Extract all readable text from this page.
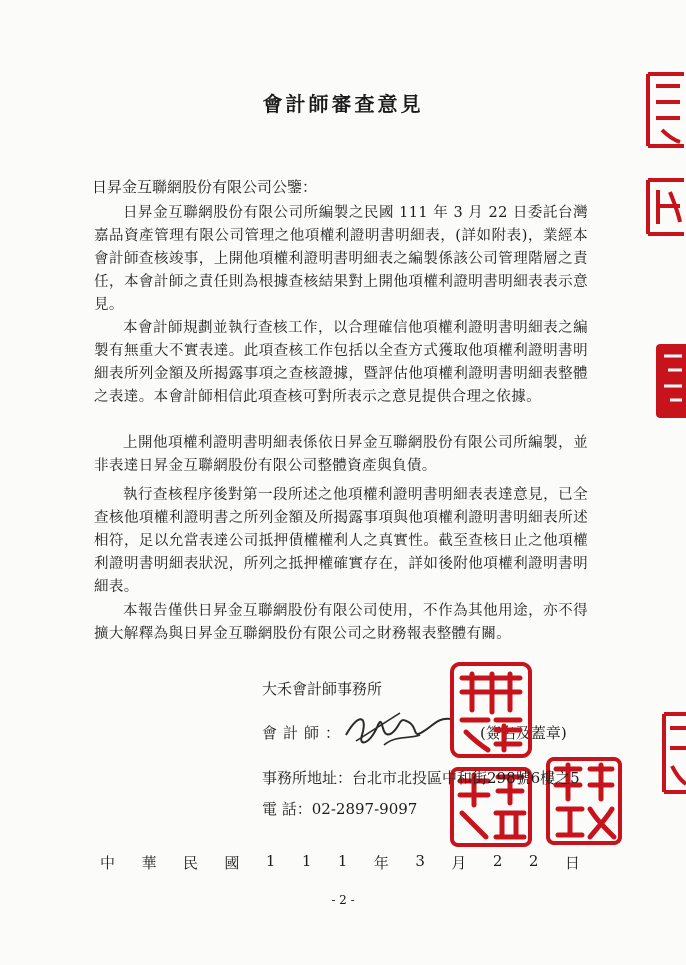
會計師審查意見
日昇金互聯網股份有限公司公鑒：
日昇金互聯網股份有限公司所編製之民國 111 年 3 月 22 日委託台灣嘉品資產管理有限公司管理之他項權利證明書明細表，(詳如附表)，業經本會計師查核竣事，上開他項權利證明書明細表之編製係該公司管理階層之責任，本會計師之責任則為根據查核結果對上開他項權利證明書明細表表示意見。
本會計師規劃並執行查核工作，以合理確信他項權利證明書明細表之編製有無重大不實表達。此項查核工作包括以全查方式獲取他項權利證明書明細表所列金額及所揭露事項之查核證據，暨評估他項權利證明書明細表整體之表達。本會計師相信此項查核可對所表示之意見提供合理之依據。
上開他項權利證明書明細表係依日昇金互聯網股份有限公司所編製，並非表達日昇金互聯網股份有限公司整體資產與負債。
執行查核程序後對第一段所述之他項權利證明書明細表表達意見，已全查核他項權利證明書之所列金額及所揭露事項與他項權利證明書明細表所述相符，足以允當表達公司抵押債權權利人之真實性。截至查核日止之他項權利證明書明細表狀況，所列之抵押權確實存在，詳如後附他項權利證明書明細表。
本報告僅供日昇金互聯網股份有限公司使用，不作為其他用途，亦不得擴大解釋為與日昇金互聯網股份有限公司之財務報表整體有關。
大禾會計師事務所
會計師：	(簽名及蓋章)
事務所地址：台北市北投區中和街298號6樓之5
電 話：02-2897-9097
中 華 民 國 1 1 1 年 3 月 2 2 日
- 2 -
